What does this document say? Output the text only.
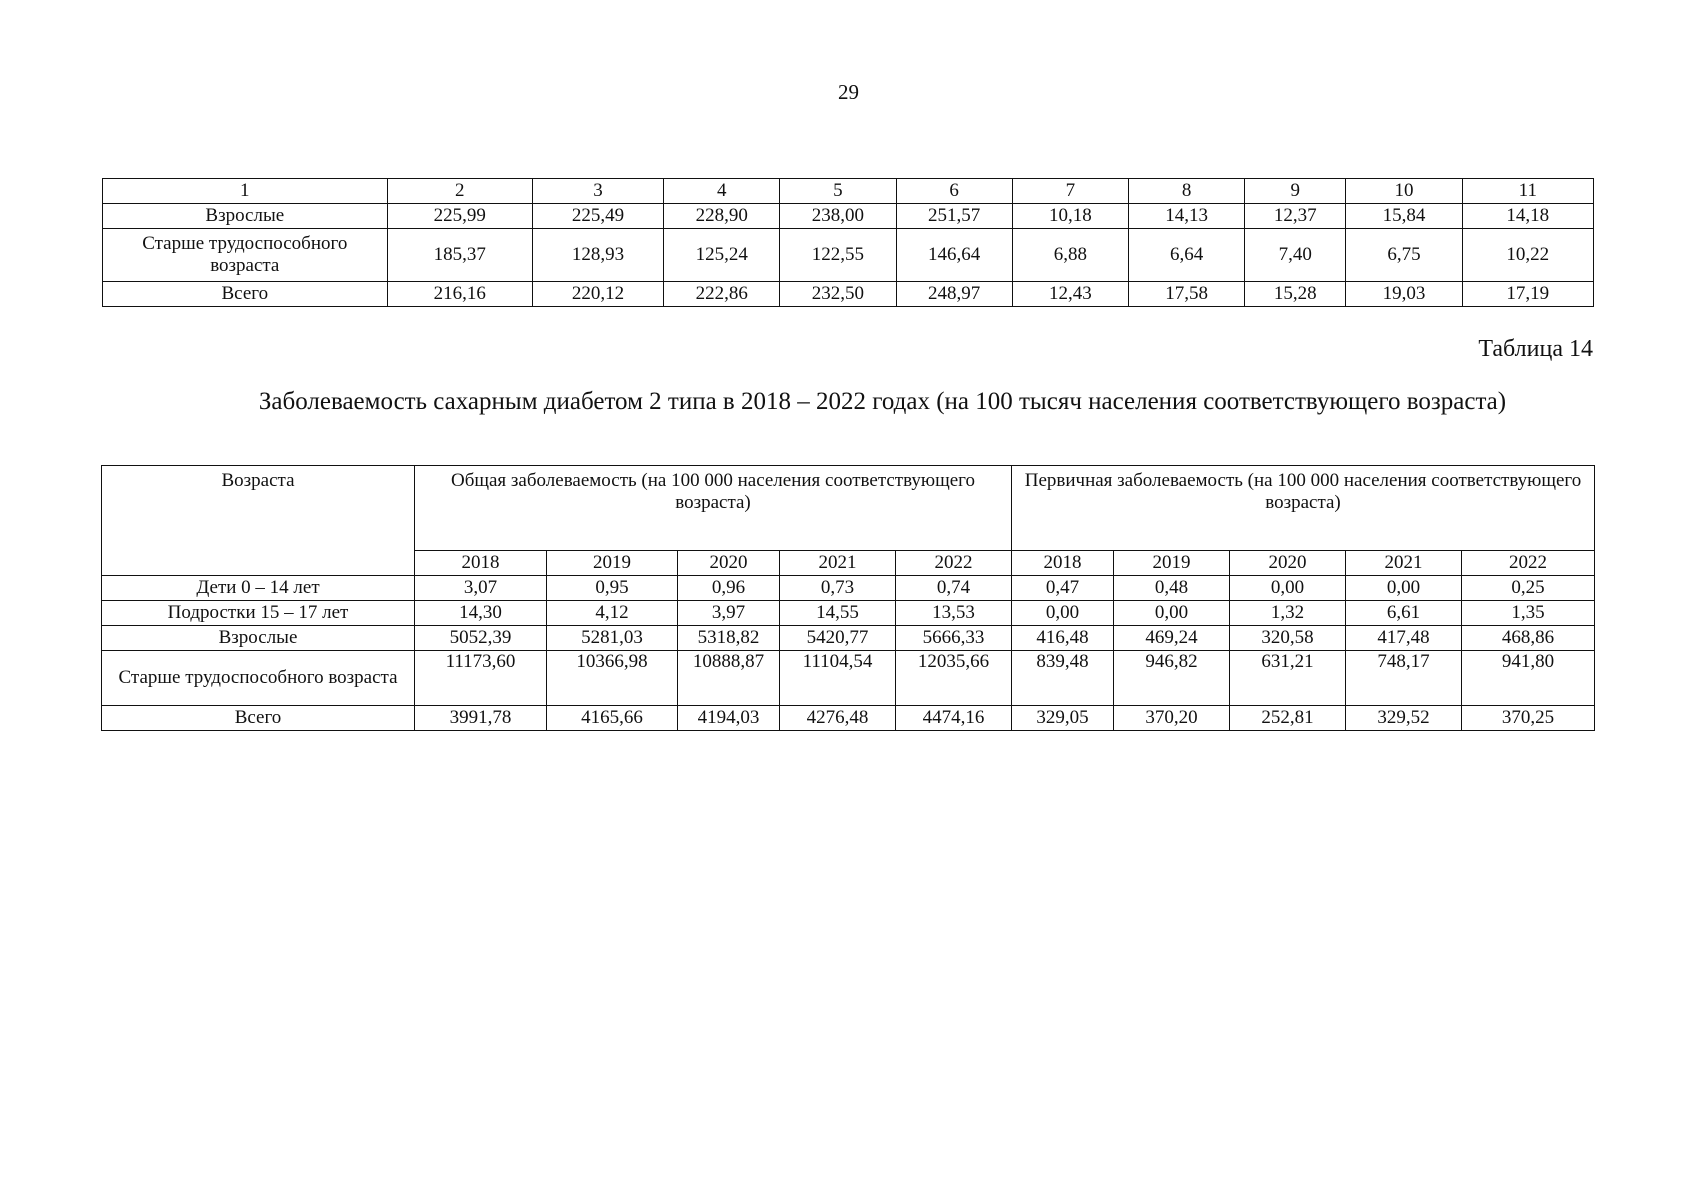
29
1	2	3	4	5	6	7	8	9	10	11
Взрослые	225,99	225,49	228,90	238,00	251,57	10,18	14,13	12,37	15,84	14,18
Старше трудоспособного возраста	185,37	128,93	125,24	122,55	146,64	6,88	6,64	7,40	6,75	10,22
Всего	216,16	220,12	222,86	232,50	248,97	12,43	17,58	15,28	19,03	17,19
Таблица 14
Заболеваемость сахарным диабетом 2 типа в 2018 – 2022 годах (на 100 тысяч населения соответствующего возраста)
Возраста	Общая заболеваемость (на 100 000 населения соответствующего возраста)					Первичная заболеваемость (на 100 000 населения соответствующего возраста)				
	2018	2019	2020	2021	2022	2018	2019	2020	2021	2022
Дети 0 – 14 лет	3,07	0,95	0,96	0,73	0,74	0,47	0,48	0,00	0,00	0,25
Подростки 15 – 17 лет	14,30	4,12	3,97	14,55	13,53	0,00	0,00	1,32	6,61	1,35
Взрослые	5052,39	5281,03	5318,82	5420,77	5666,33	416,48	469,24	320,58	417,48	468,86
Старше трудоспособного возраста	11173,60	10366,98	10888,87	11104,54	12035,66	839,48	946,82	631,21	748,17	941,80
Всего	3991,78	4165,66	4194,03	4276,48	4474,16	329,05	370,20	252,81	329,52	370,25
